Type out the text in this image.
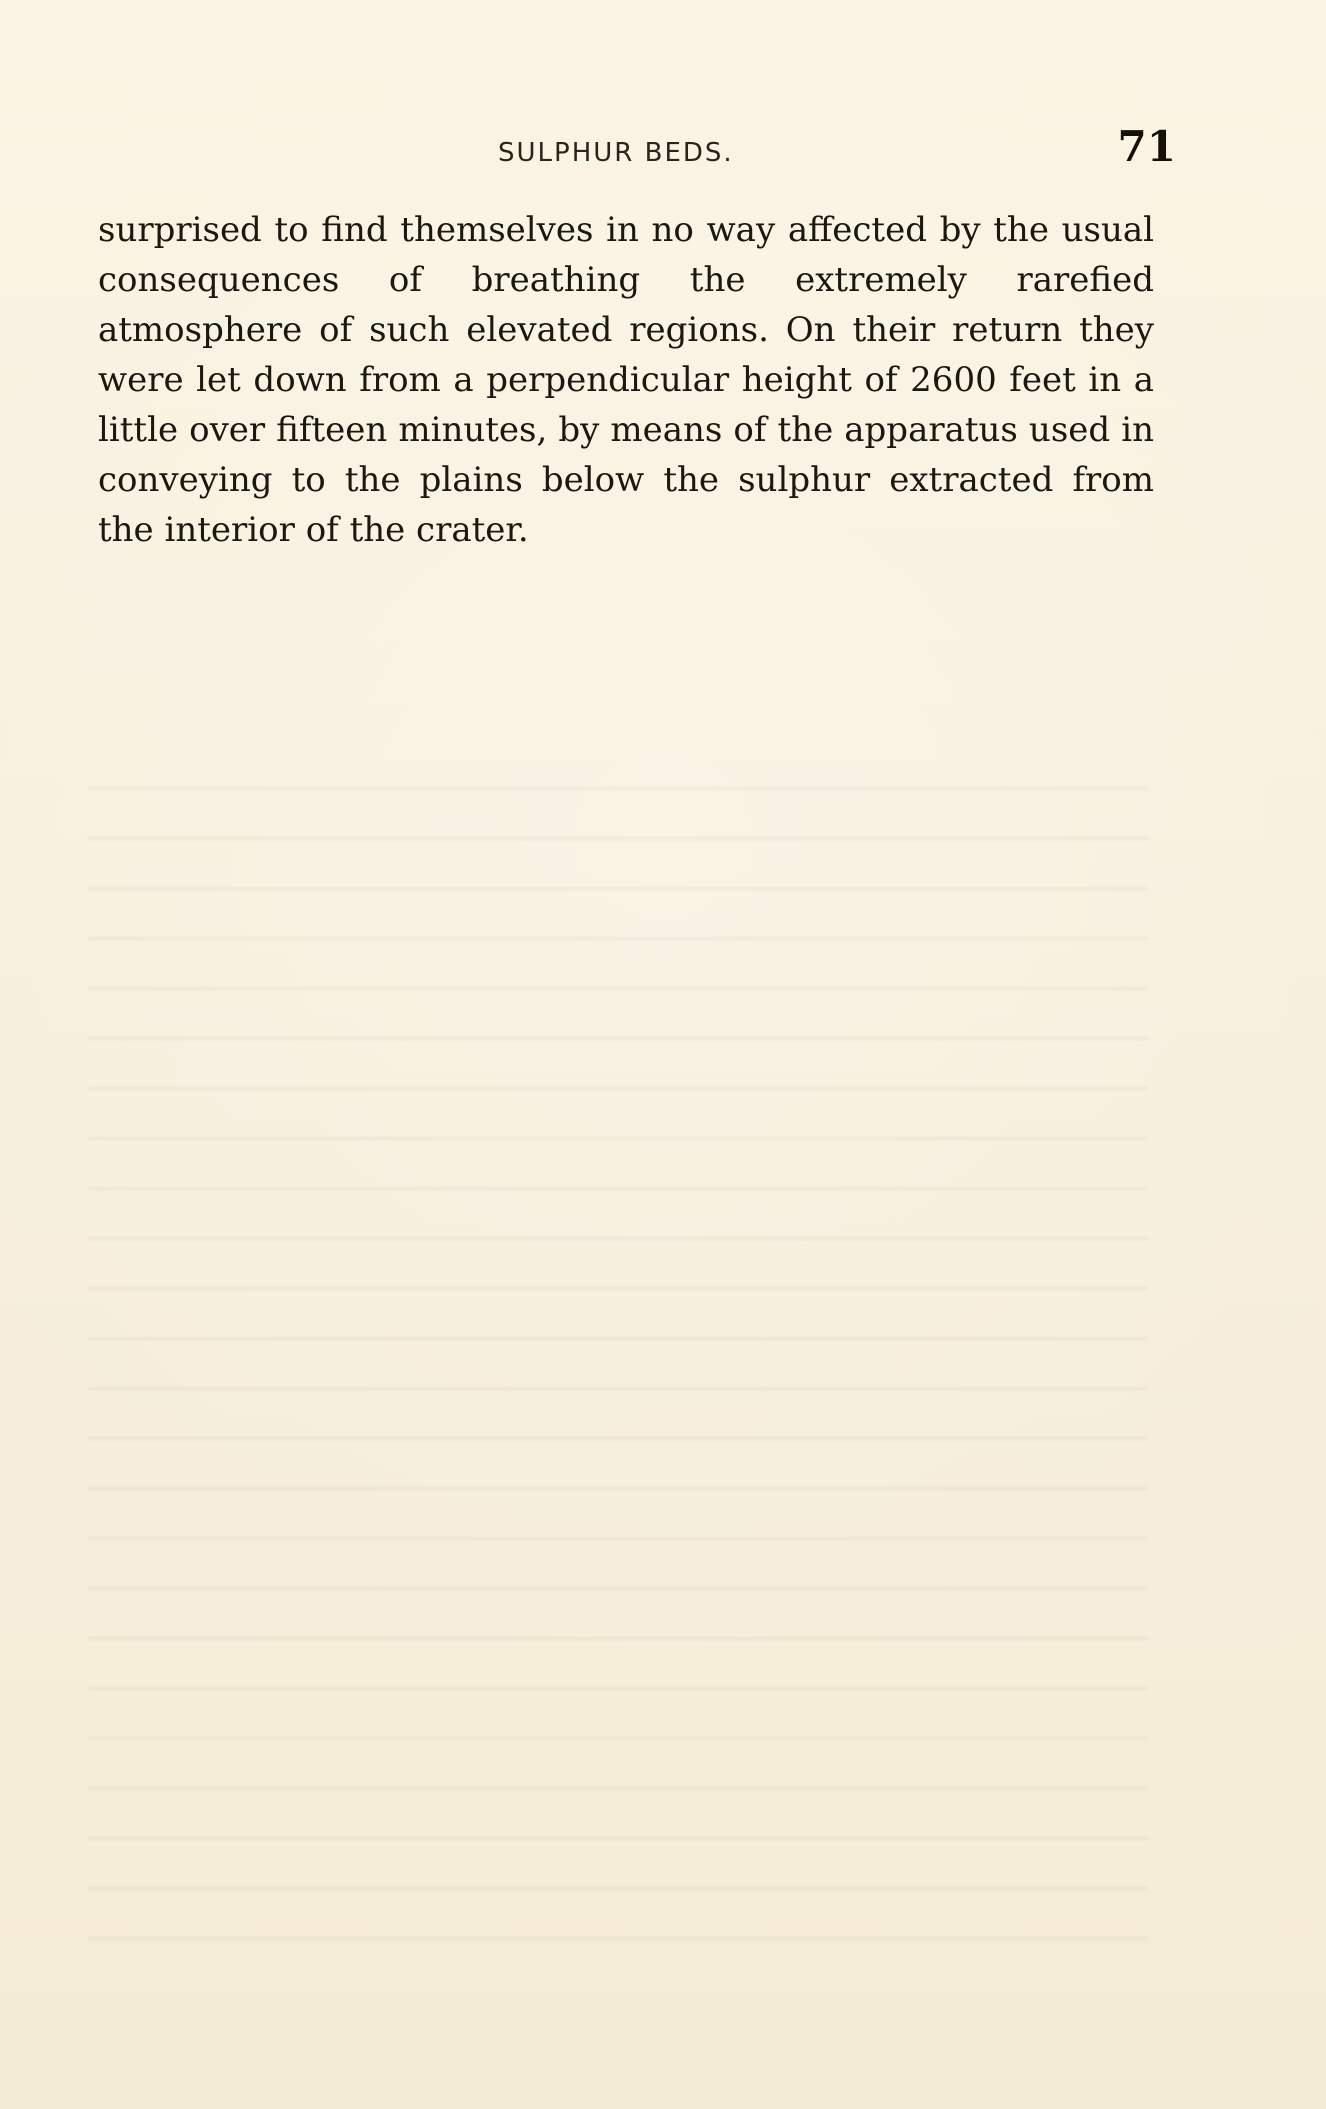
SULPHUR BEDS.	71
surprised to find themselves in no way affected by the usual consequences of breathing the extremely rarefied atmosphere of such elevated regions. On their return they were let down from a perpendicular height of 2600 feet in a little over fifteen minutes, by means of the apparatus used in conveying to the plains below the sulphur extracted from the interior of the crater.
